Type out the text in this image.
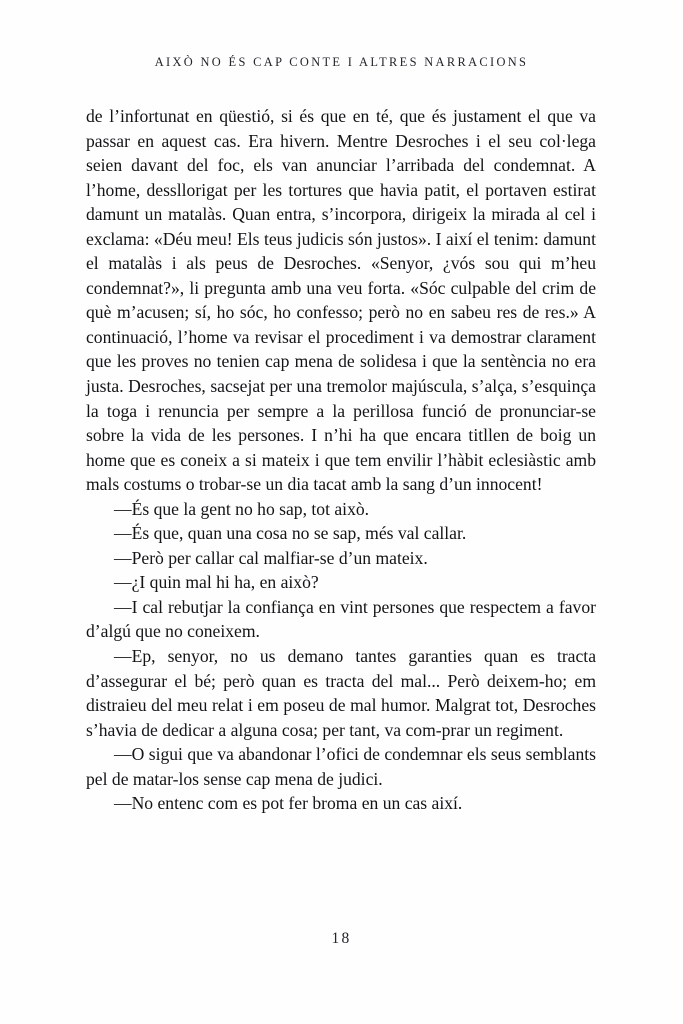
AIXÒ NO ÉS CAP CONTE I ALTRES NARRACIONS

de l’infortunat en qüestió, si és que en té, que és justament el que va passar en aquest cas. Era hivern. Mentre Desroches i el seu col·lega seien davant del foc, els van anunciar l’arribada del condemnat. A l’home, dessllorigat per les tortures que havia patit, el portaven estirat damunt un matalàs. Quan entra, s’incorpora, dirigeix la mirada al cel i exclama: «Déu meu! Els teus judicis són justos». I així el tenim: damunt el matalàs i als peus de Desroches. «Senyor, ¿vós sou qui m’heu condemnat?», li pregunta amb una veu forta. «Sóc culpable del crim de què m’acusen; sí, ho sóc, ho confesso; però no en sabeu res de res.» A continuació, l’home va revisar el procediment i va demostrar clarament que les proves no tenien cap mena de solidesa i que la sentència no era justa. Desroches, sacsejat per una tremolor majúscula, s’alça, s’esquinça la toga i renuncia per sempre a la perillosa funció de pronunciar-se sobre la vida de les persones. I n’hi ha que encara titllen de boig un home que es coneix a si mateix i que tem envilir l’hàbit eclesiàstic amb mals costums o trobar-se un dia tacat amb la sang d’un innocent!

—És que la gent no ho sap, tot això.

—És que, quan una cosa no se sap, més val callar.

—Però per callar cal malfiar-se d’un mateix.

—¿I quin mal hi ha, en això?

—I cal rebutjar la confiança en vint persones que respectem a favor d’algú que no coneixem.

—Ep, senyor, no us demano tantes garanties quan es tracta d’assegurar el bé; però quan es tracta del mal... Però deixem-ho; em distraieu del meu relat i em poseu de mal humor. Malgrat tot, Desroches s’havia de dedicar a alguna cosa; per tant, va com-prar un regiment.

—O sigui que va abandonar l’ofici de condemnar els seus semblants pel de matar-los sense cap mena de judici.

—No entenc com es pot fer broma en un cas així.

18
